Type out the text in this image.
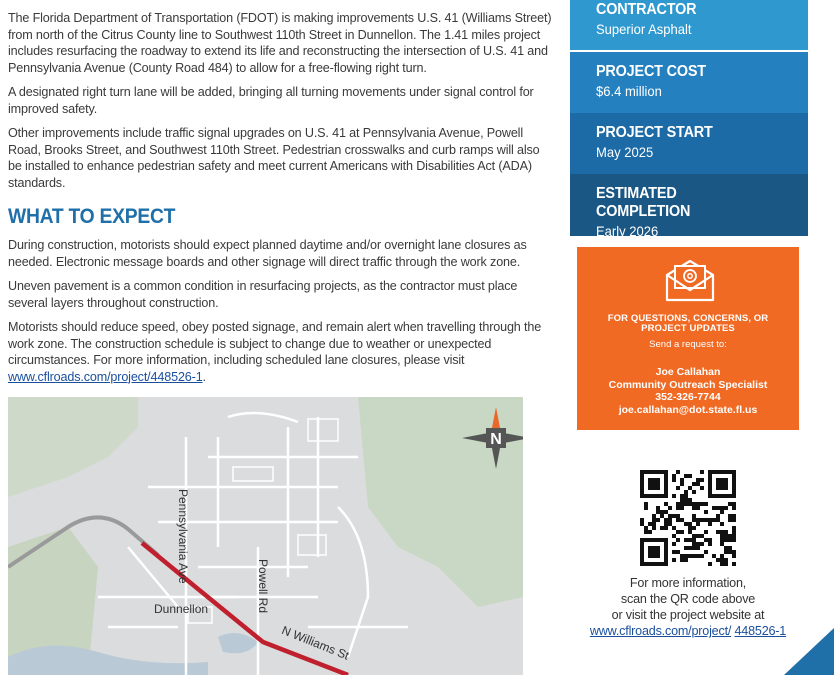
The Florida Department of Transportation (FDOT) is making improvements U.S. 41 (Williams Street) from north of the Citrus County line to Southwest 110th Street in Dunnellon. The 1.41 miles project includes resurfacing the roadway to extend its life and reconstructing the intersection of U.S. 41 and Pennsylvania Avenue (County Road 484) to allow for a free-flowing right turn.

A designated right turn lane will be added, bringing all turning movements under signal control for improved safety.

Other improvements include traffic signal upgrades on U.S. 41 at Pennsylvania Avenue, Powell Road, Brooks Street, and Southwest 110th Street. Pedestrian crosswalks and curb ramps will also be installed to enhance pedestrian safety and meet current Americans with Disabilities Act (ADA) standards.

WHAT TO EXPECT

During construction, motorists should expect planned daytime and/or overnight lane closures as needed. Electronic message boards and other signage will direct traffic through the work zone.

Uneven pavement is a common condition in resurfacing projects, as the contractor must place several layers throughout construction.

Motorists should reduce speed, obey posted signage, and remain alert when travelling through the work zone. The construction schedule is subject to change due to weather or unexpected circumstances. For more information, including scheduled lane closures, please visit www.cflroads.com/project/448526-1.

Pennsylvania Ave
Powell Rd
Dunnellon
N Williams St
N
CONTRACTOR
Superior Asphalt
PROJECT COST
$6.4 million
PROJECT START
May 2025
ESTIMATED COMPLETION
Early 2026
FOR QUESTIONS, CONCERNS, OR
PROJECT UPDATES
Send a request to:
Joe Callahan
Community Outreach Specialist
352-326-7744
joe.callahan@dot.state.fl.us
For more information,
scan the QR code above
or visit the project website at
www.cflroads.com/project/ 448526-1
